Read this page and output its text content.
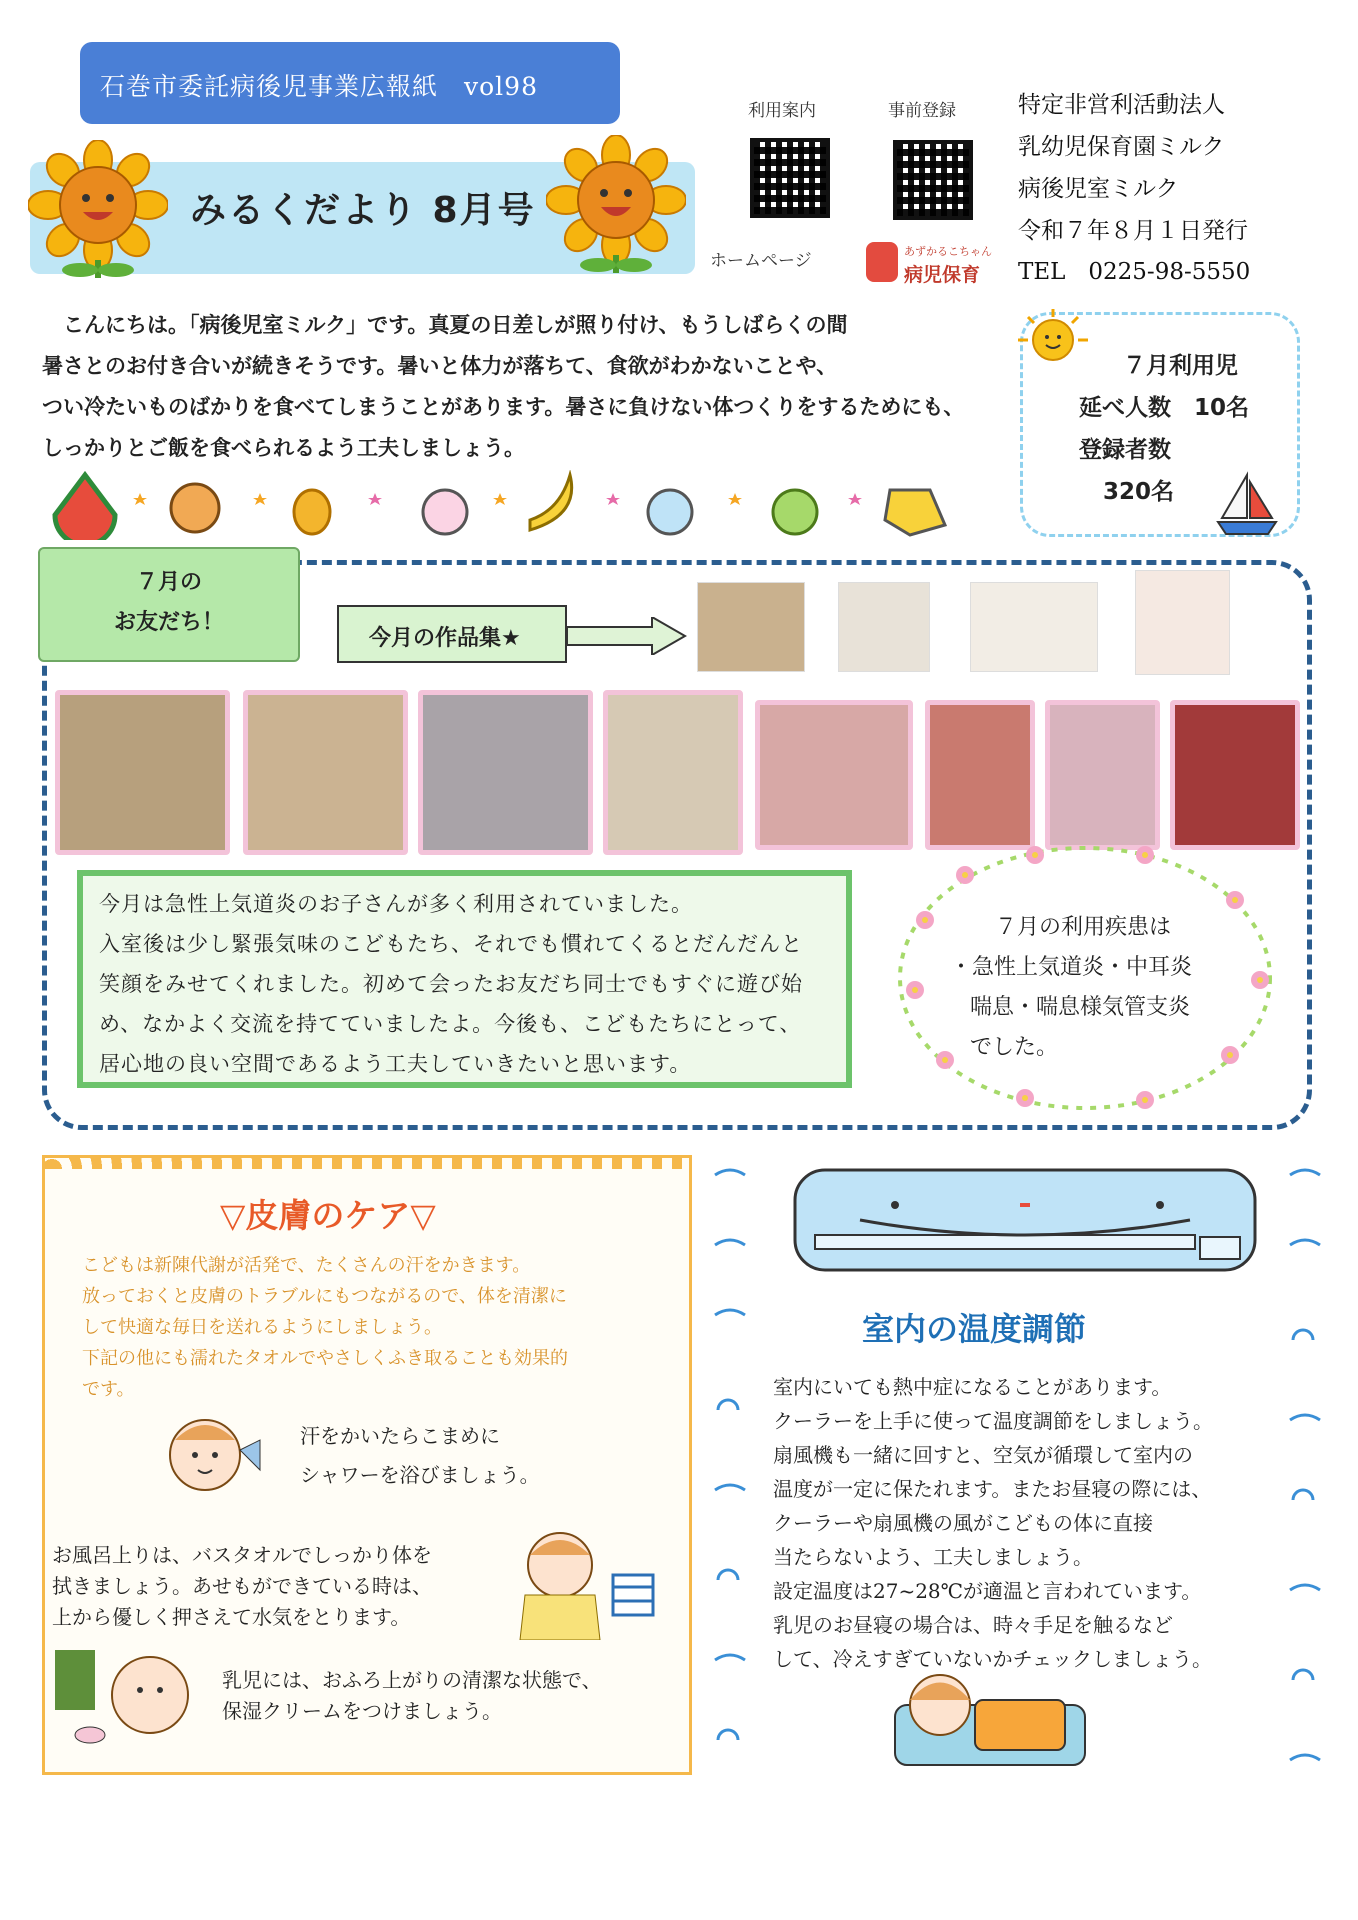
石巻市委託病後児事業広報紙　vol98
みるくだより 8月号
利用案内	事前登録
ホームページ	あずかるこちゃん
病児保育
特定非営利活動法人
乳幼児保育園ミルク
病後児室ミルク
令和７年８月１日発行
TEL　0225-98-5550
　こんにちは。「病後児室ミルク」です。真夏の日差しが照り付け、もうしばらくの間
暑さとのお付き合いが続きそうです。暑いと体力が落ちて、食欲がわかないことや、
つい冷たいものばかりを食べてしまうことがあります。暑さに負けない体つくりをするためにも、
しっかりとご飯を食べられるよう工夫しましょう。
７月利用児
延べ人数　10名
登録者数
320名
７月の
お友だち！
今月の作品集★
今月は急性上気道炎のお子さんが多く利用されていました。
入室後は少し緊張気味のこどもたち、それでも慣れてくるとだんだんと
笑顔をみせてくれました。初めて会ったお友だち同士でもすぐに遊び始
め、なかよく交流を持てていましたよ。今後も、こどもたちにとって、
居心地の良い空間であるよう工夫していきたいと思います。
７月の利用疾患は
・急性上気道炎・中耳炎
喘息・喘息様気管支炎
でした。
▽皮膚のケア▽
こどもは新陳代謝が活発で、たくさんの汗をかきます。
放っておくと皮膚のトラブルにもつながるので、体を清潔に
して快適な毎日を送れるようにしましょう。
下記の他にも濡れたタオルでやさしくふき取ることも効果的
です。
汗をかいたらこまめに
シャワーを浴びましょう。
お風呂上りは、バスタオルでしっかり体を
拭きましょう。あせもができている時は、
上から優しく押さえて水気をとります。
乳児には、おふろ上がりの清潔な状態で、
保湿クリームをつけましょう。
室内の温度調節
室内にいても熱中症になることがあります。
クーラーを上手に使って温度調節をしましょう。
扇風機も一緒に回すと、空気が循環して室内の
温度が一定に保たれます。またお昼寝の際には、
クーラーや扇風機の風がこどもの体に直接
当たらないよう、工夫しましょう。
設定温度は27~28℃が適温と言われています。
乳児のお昼寝の場合は、時々手足を触るなど
して、冷えすぎていないかチェックしましょう。
